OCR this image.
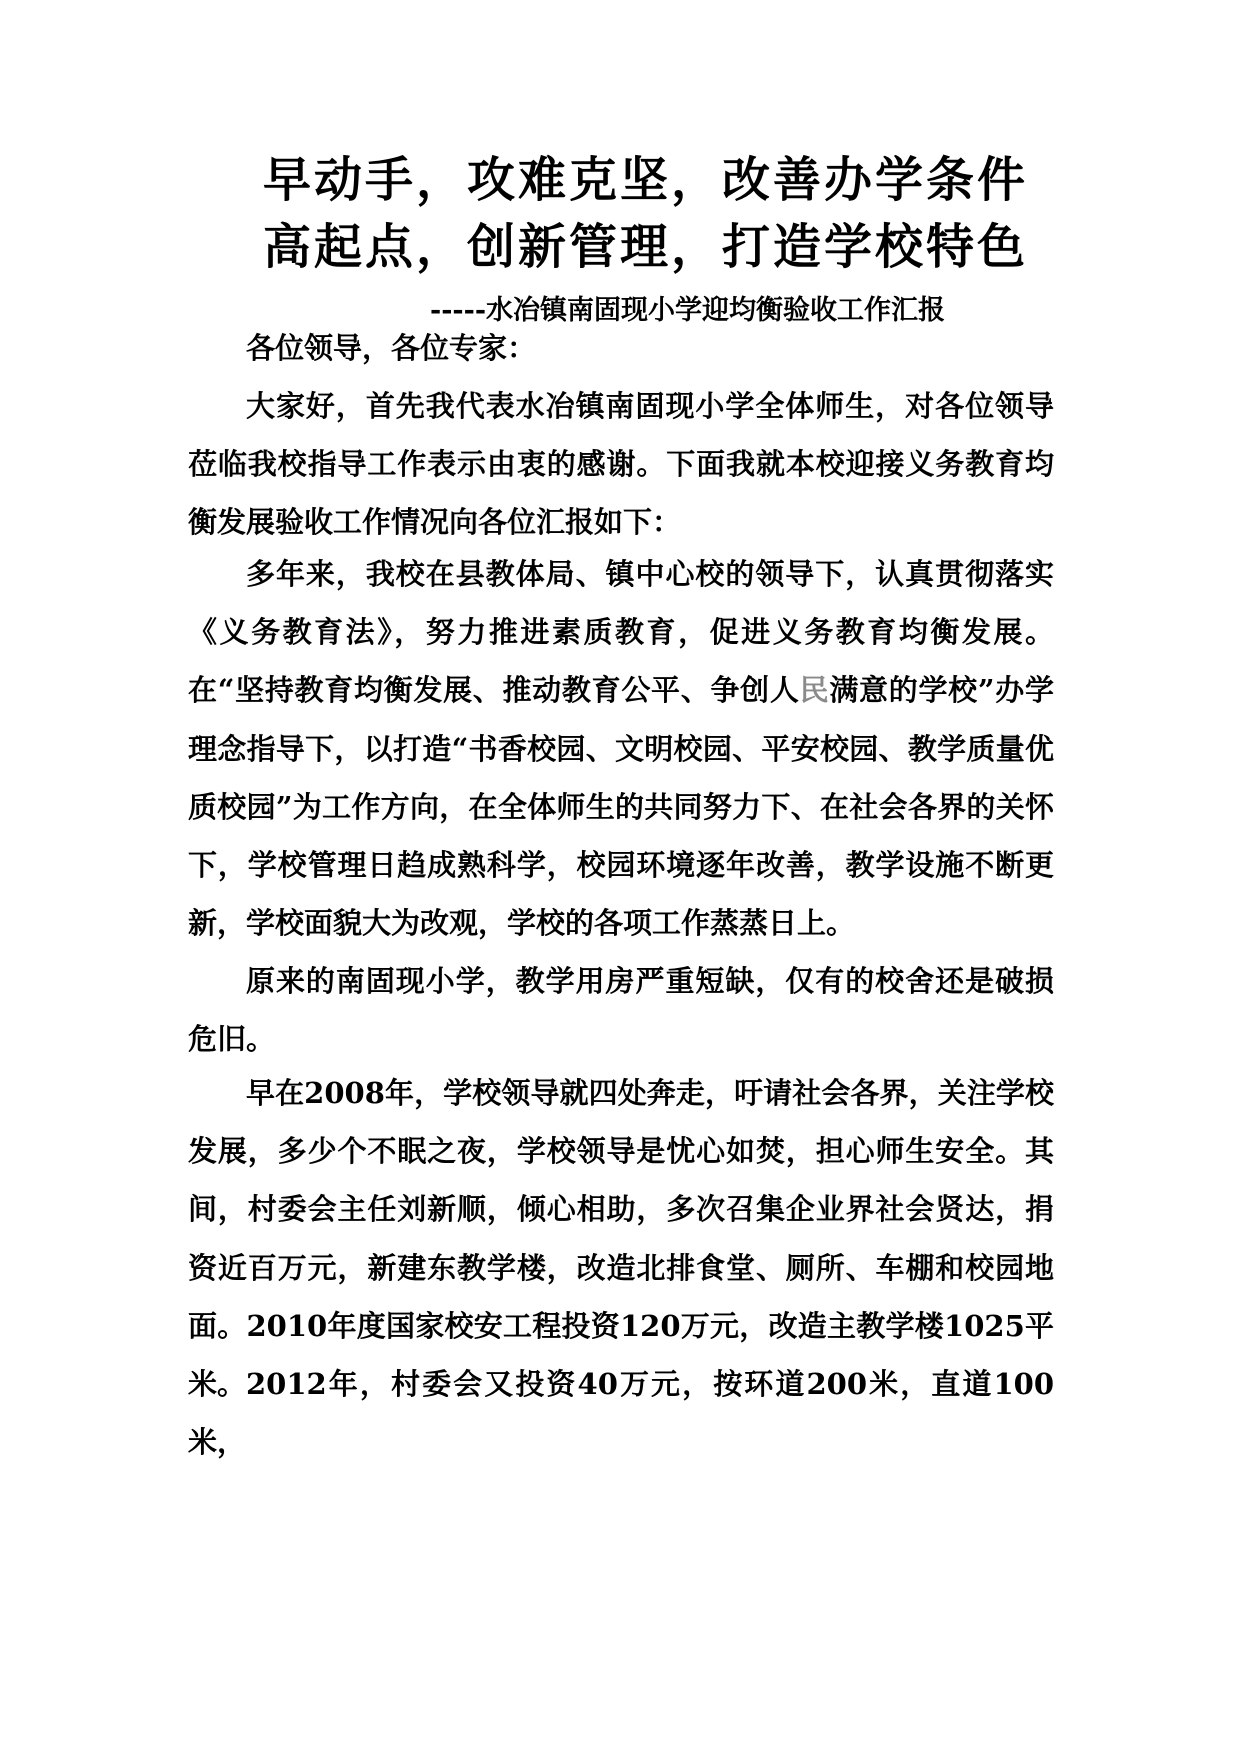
早动手，攻难克坚，改善办学条件
高起点，创新管理，打造学校特色
-----水冶镇南固现小学迎均衡验收工作汇报

各位领导，各位专家：

大家好，首先我代表水冶镇南固现小学全体师生，对各位领导莅临我校指导工作表示由衷的感谢。下面我就本校迎接义务教育均衡发展验收工作情况向各位汇报如下：

多年来，我校在县教体局、镇中心校的领导下，认真贯彻落实《义务教育法》，努力推进素质教育，促进义务教育均衡发展。在“坚持教育均衡发展、推动教育公平、争创人民满意的学校”办学理念指导下，以打造“书香校园、文明校园、平安校园、教学质量优质校园”为工作方向，在全体师生的共同努力下、在社会各界的关怀下，学校管理日趋成熟科学，校园环境逐年改善，教学设施不断更新，学校面貌大为改观，学校的各项工作蒸蒸日上。

原来的南固现小学，教学用房严重短缺，仅有的校舍还是破损危旧。

早在2008年，学校领导就四处奔走，吁请社会各界，关注学校发展，多少个不眠之夜，学校领导是忧心如焚，担心师生安全。其间，村委会主任刘新顺，倾心相助，多次召集企业界社会贤达，捐资近百万元，新建东教学楼，改造北排食堂、厕所、车棚和校园地面。2010年度国家校安工程投资120万元，改造主教学楼1025平米。 2012年，村委会又投资40万元，按环道200米，直道100米，
